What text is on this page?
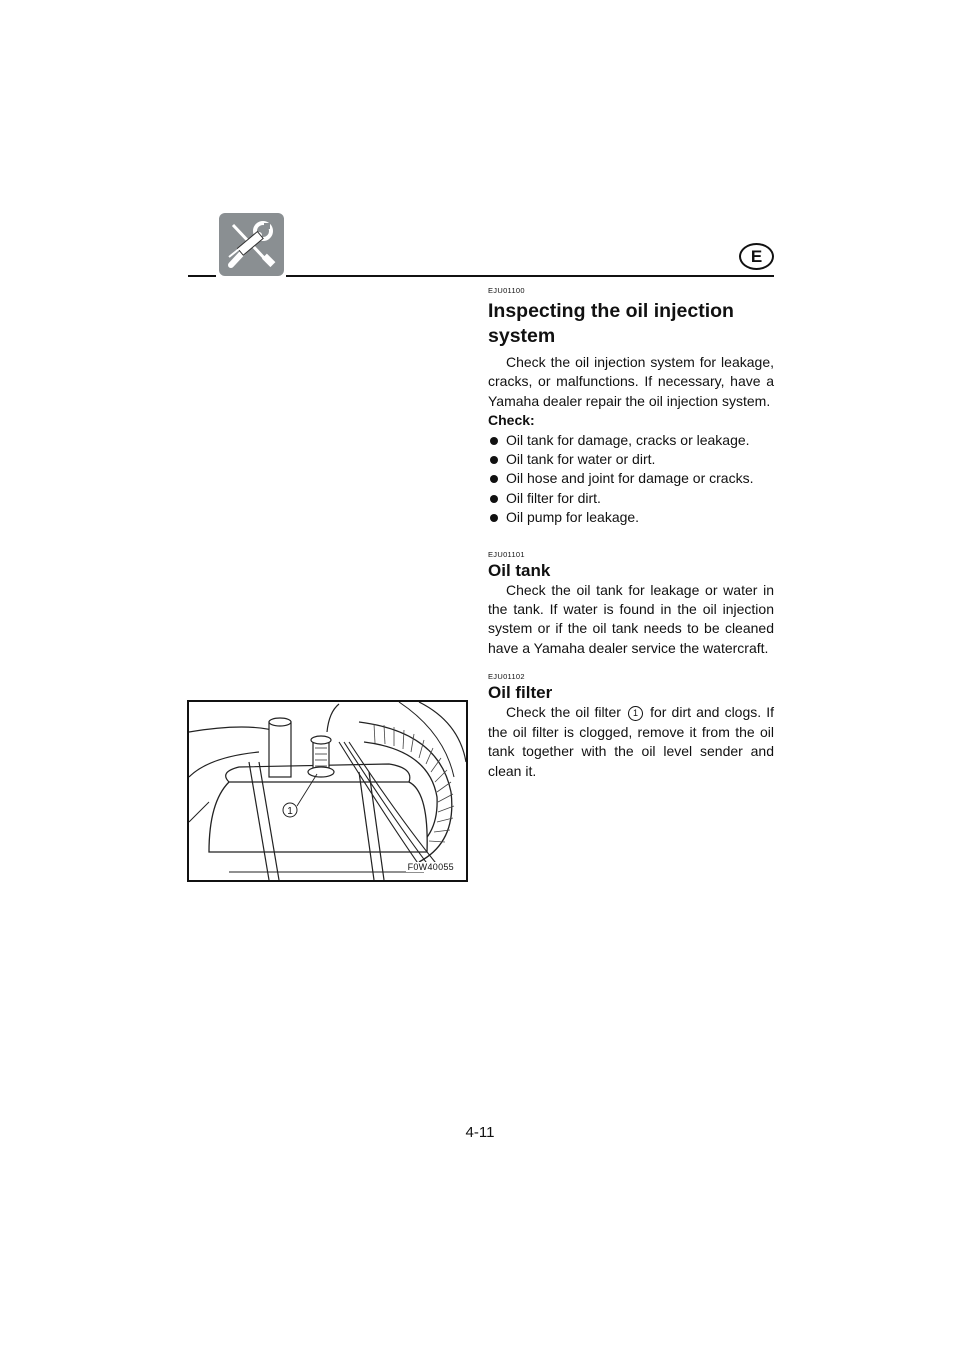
E

EJU01100

Inspecting the oil injection system

Check the oil injection system for leakage, cracks, or malfunctions. If necessary, have a Yamaha dealer repair the oil injection system.

Check:

Oil tank for damage, cracks or leakage.
Oil tank for water or dirt.
Oil hose and joint for damage or cracks.
Oil filter for dirt.
Oil pump for leakage.

EJU01101

Oil tank

Check the oil tank for leakage or water in the tank. If water is found in the oil injection system or if the oil tank needs to be cleaned have a Yamaha dealer service the watercraft.

EJU01102

Oil filter

Check the oil filter 1 for dirt and clogs. If the oil filter is clogged, remove it from the oil tank together with the oil level sender and clean it.

1
F0W40055
4-11
